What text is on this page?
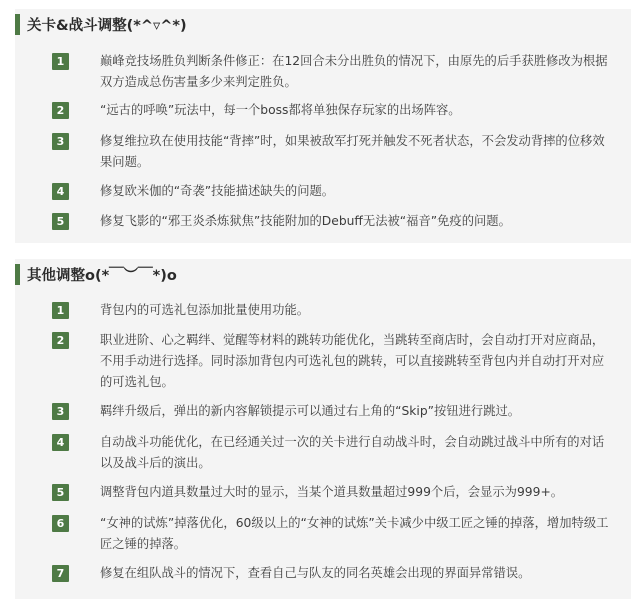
关卡&战斗调整(*^▿^*)
1	巅峰竞技场胜负判断条件修正：在12回合未分出胜负的情况下，由原先的后手获胜修改为根据双方造成总伤害量多少来判定胜负。
2	“远古的呼唤”玩法中，每一个boss都将单独保存玩家的出场阵容。
3	修复维拉玖在使用技能“背摔”时，如果被敌军打死并触发不死者状态，不会发动背摔的位移效果问题。
4	修复欧米伽的“奇袭”技能描述缺失的问题。
5	修复飞影的“邪王炎杀炼狱焦”技能附加的Debuff无法被“福音”免疫的问题。
其他调整o(*￣︶￣*)o
1	背包内的可选礼包添加批量使用功能。
2	职业进阶、心之羁绊、觉醒等材料的跳转功能优化，当跳转至商店时，会自动打开对应商品，不用手动进行选择。同时添加背包内可选礼包的跳转，可以直接跳转至背包内并自动打开对应的可选礼包。
3	羁绊升级后，弹出的新内容解锁提示可以通过右上角的“Skip”按钮进行跳过。
4	自动战斗功能优化，在已经通关过一次的关卡进行自动战斗时，会自动跳过战斗中所有的对话以及战斗后的演出。
5	调整背包内道具数量过大时的显示，当某个道具数量超过999个后，会显示为999+。
6	“女神的试炼”掉落优化，60级以上的“女神的试炼”关卡减少中级工匠之锤的掉落，增加特级工匠之锤的掉落。
7	修复在组队战斗的情况下，查看自己与队友的同名英雄会出现的界面异常错误。
